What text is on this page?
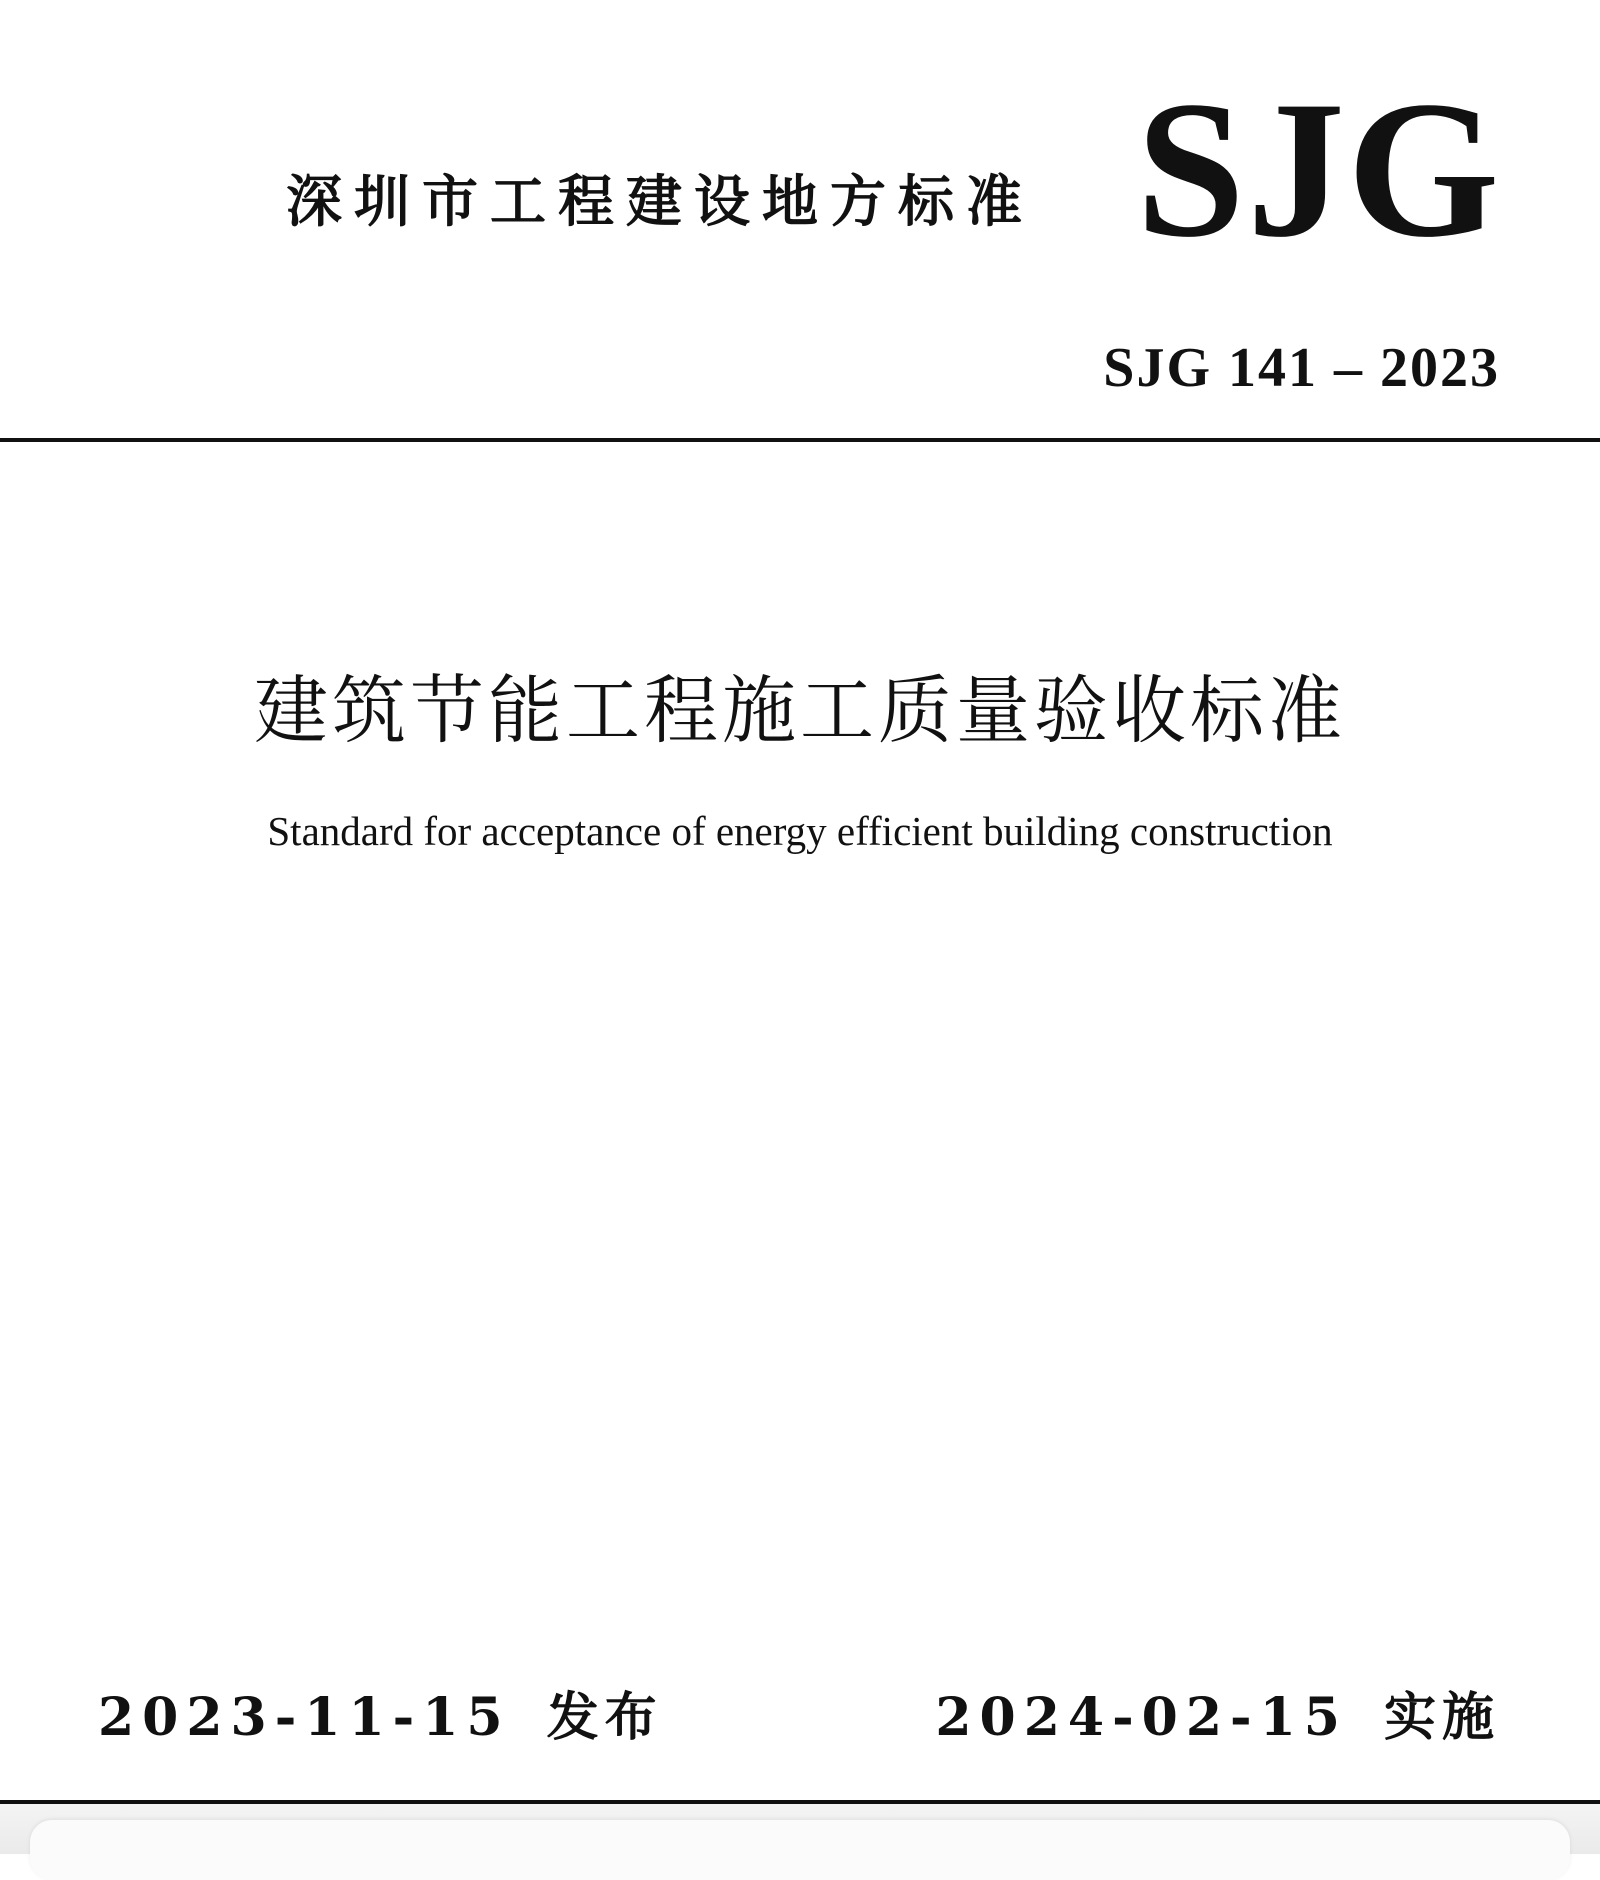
深圳市工程建设地方标准 SJG
SJG 141 – 2023
建筑节能工程施工质量验收标准
Standard for acceptance of energy efficient building construction
2023-11-15 发布	2024-02-15 实施
